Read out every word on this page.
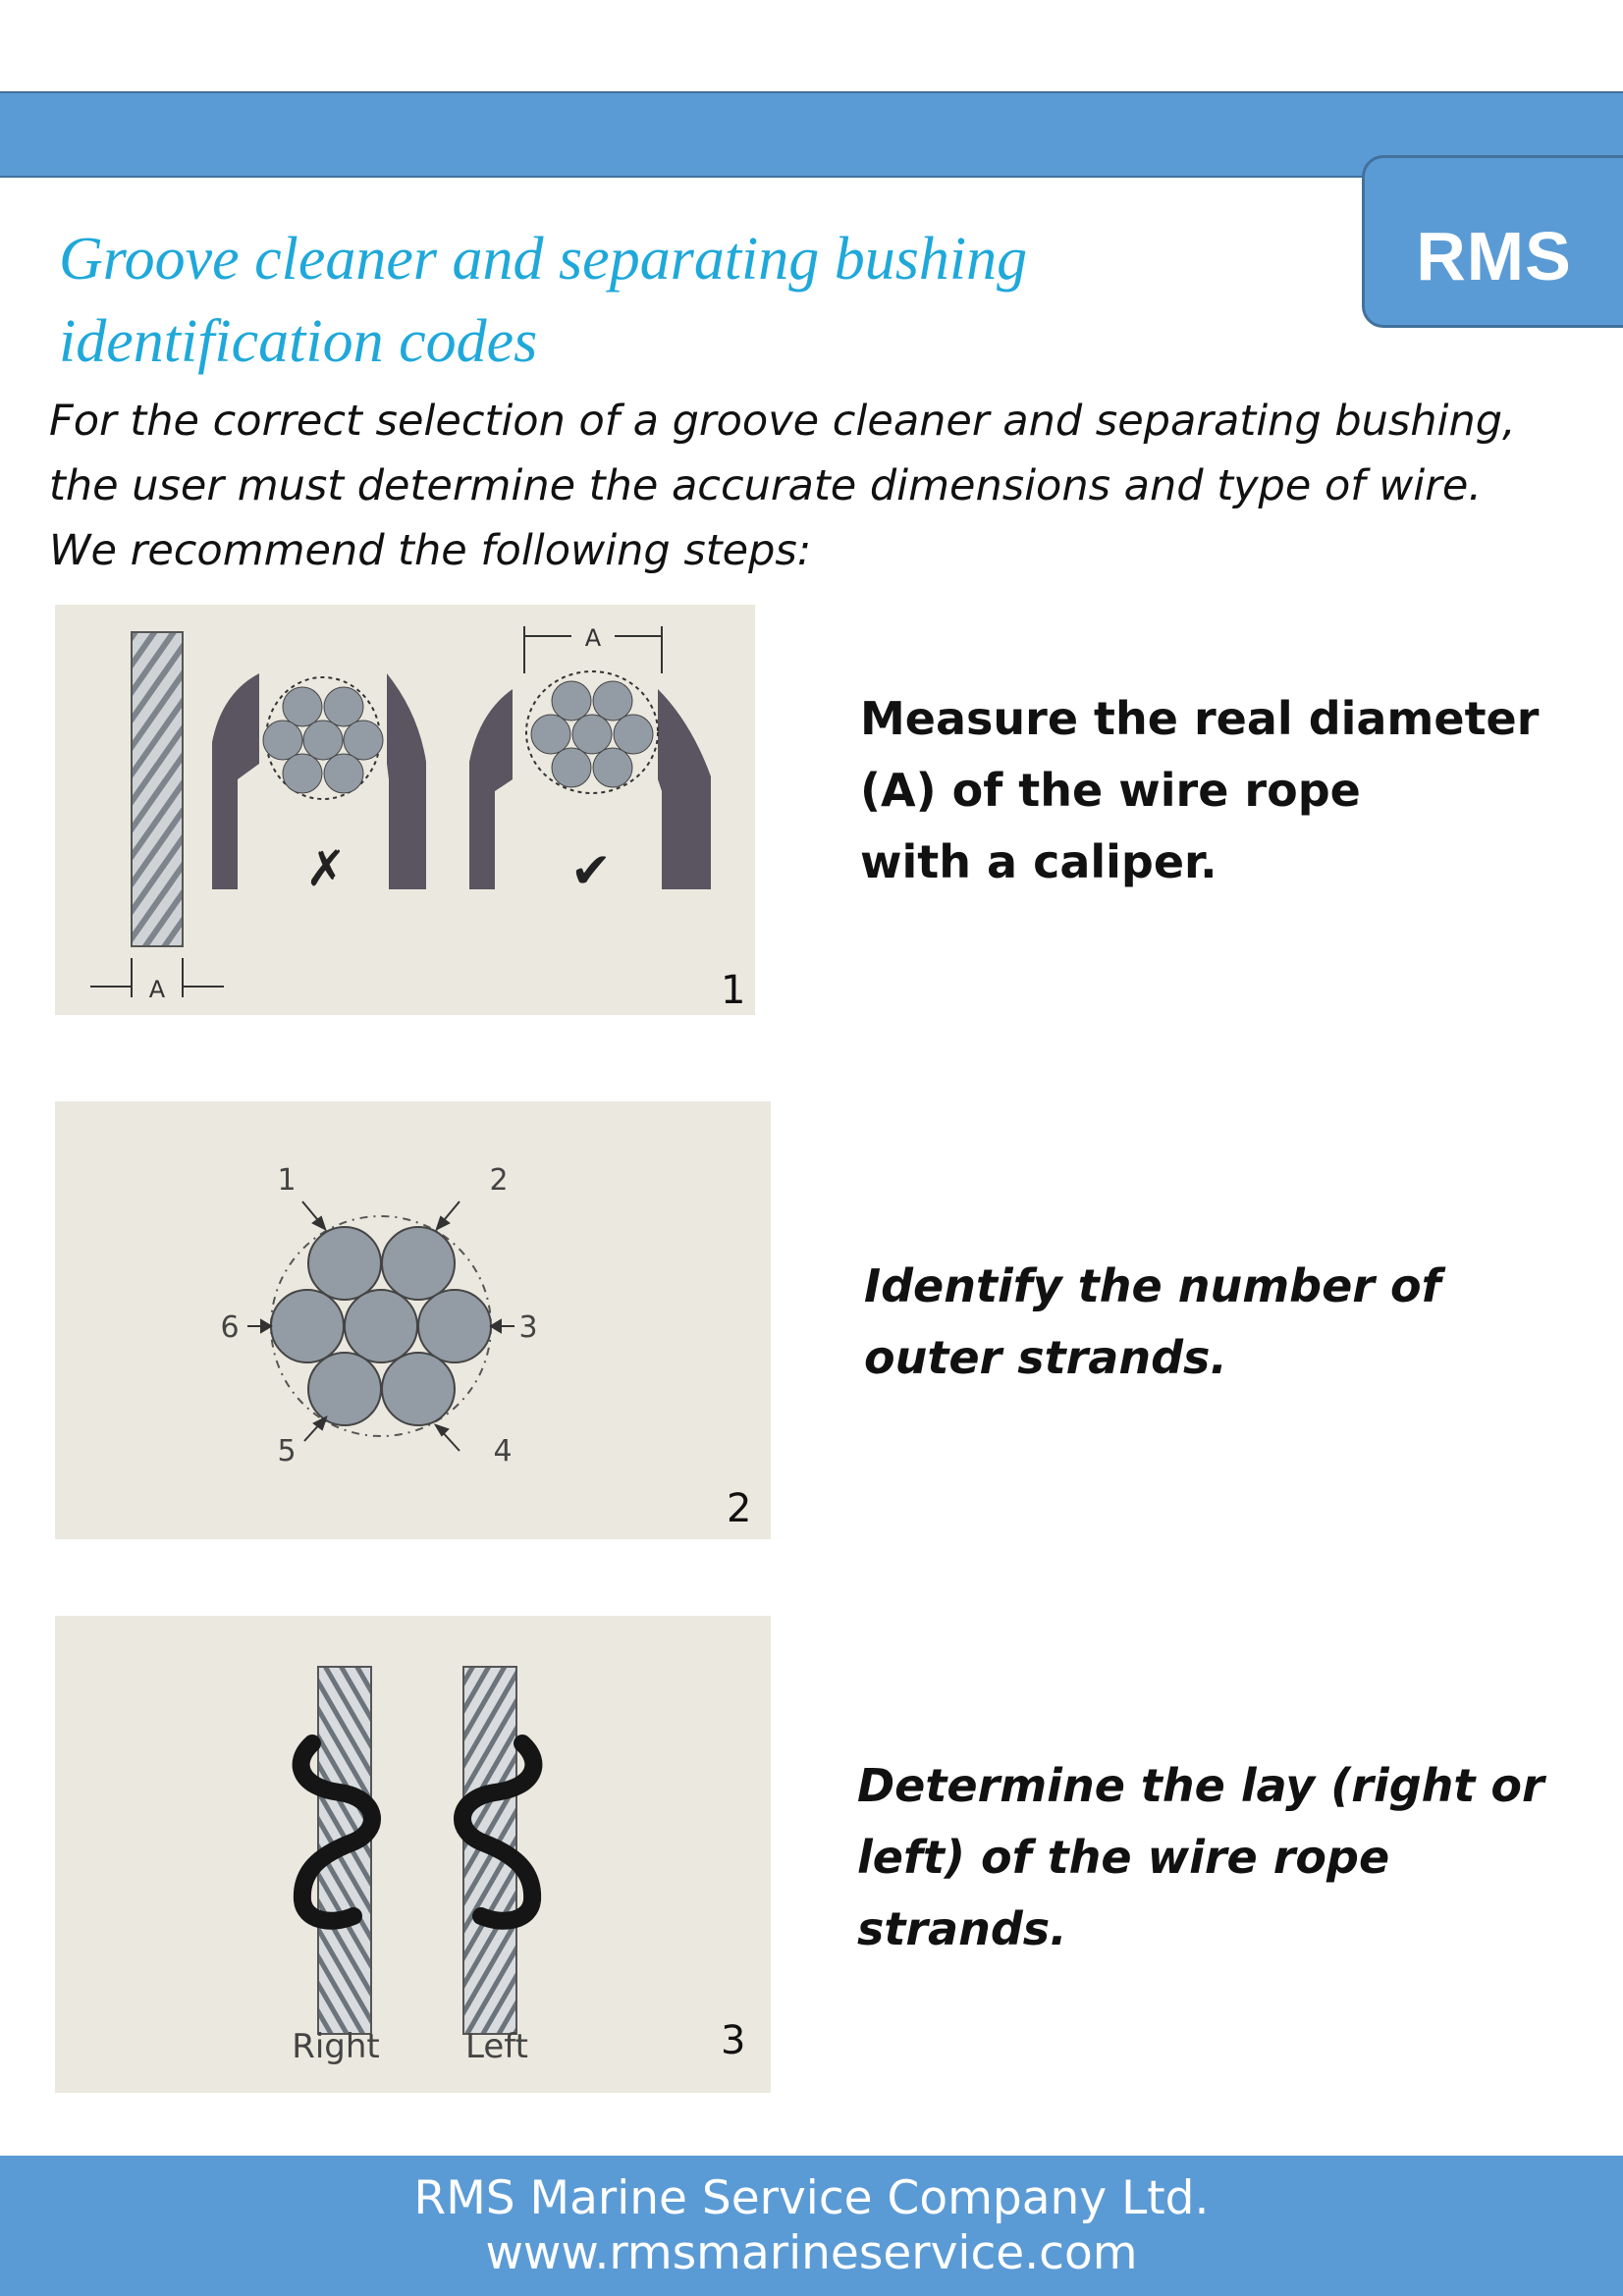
RMS
Groove cleaner and separating bushing
identification codes

For the correct selection of a groove cleaner and separating bushing,
the user must determine the accurate dimensions and type of wire.
We recommend the following steps:

A
✗	✔
A
1

Measure the real diameter
(A) of the wire rope
with a caliper.

1	2
3
4
5
6
2

Identify the number of
outer strands.

Right	Left	3

Determine the lay (right or
left) of the wire rope
strands.

RMS Marine Service Company Ltd.
www.rmsmarineservice.com
